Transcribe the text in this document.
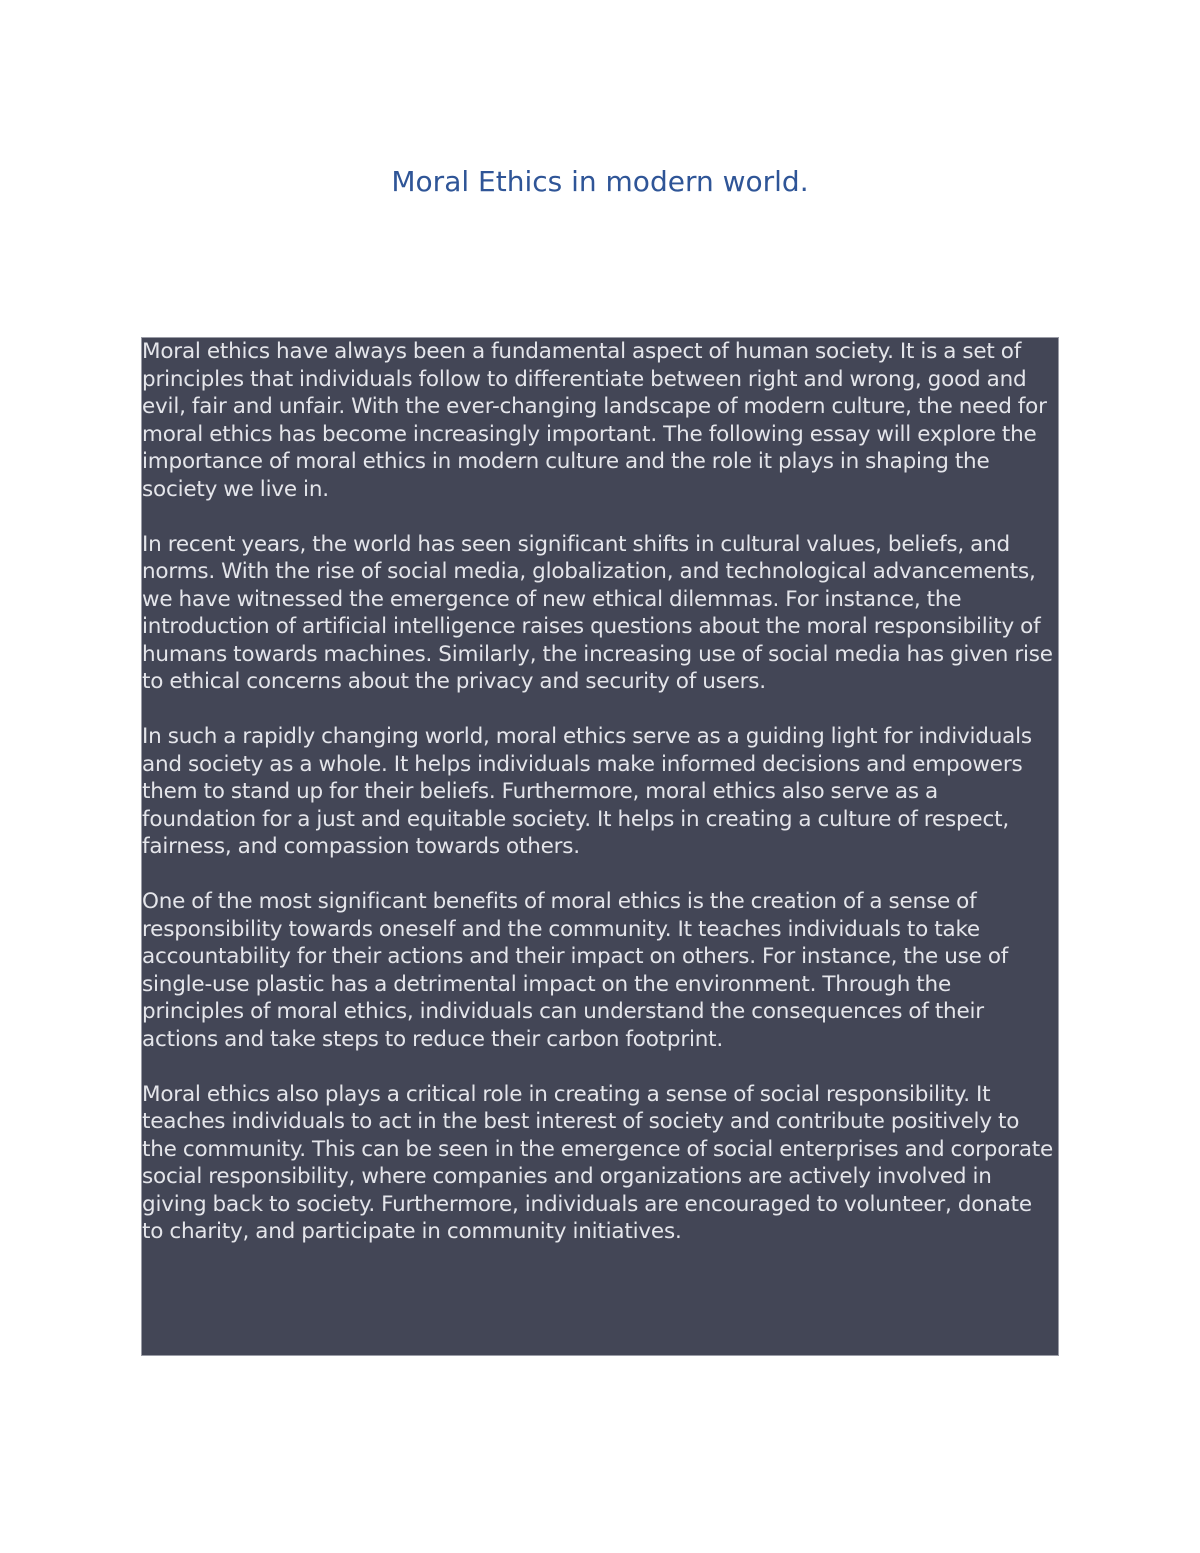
Moral Ethics in modern world.

Moral ethics have always been a fundamental aspect of human society. It is a set of principles that individuals follow to differentiate between right and wrong, good and evil, fair and unfair. With the ever-changing landscape of modern culture, the need for moral ethics has become increasingly important. The following essay will explore the importance of moral ethics in modern culture and the role it plays in shaping the society we live in.

In recent years, the world has seen significant shifts in cultural values, beliefs, and norms. With the rise of social media, globalization, and technological advancements, we have witnessed the emergence of new ethical dilemmas. For instance, the introduction of artificial intelligence raises questions about the moral responsibility of humans towards machines. Similarly, the increasing use of social media has given rise to ethical concerns about the privacy and security of users.

In such a rapidly changing world, moral ethics serve as a guiding light for individuals and society as a whole. It helps individuals make informed decisions and empowers them to stand up for their beliefs. Furthermore, moral ethics also serve as a foundation for a just and equitable society. It helps in creating a culture of respect, fairness, and compassion towards others.

One of the most significant benefits of moral ethics is the creation of a sense of responsibility towards oneself and the community. It teaches individuals to take accountability for their actions and their impact on others. For instance, the use of single-use plastic has a detrimental impact on the environment. Through the principles of moral ethics, individuals can understand the consequences of their actions and take steps to reduce their carbon footprint.

Moral ethics also plays a critical role in creating a sense of social responsibility. It teaches individuals to act in the best interest of society and contribute positively to the community. This can be seen in the emergence of social enterprises and corporate social responsibility, where companies and organizations are actively involved in giving back to society. Furthermore, individuals are encouraged to volunteer, donate to charity, and participate in community initiatives.
